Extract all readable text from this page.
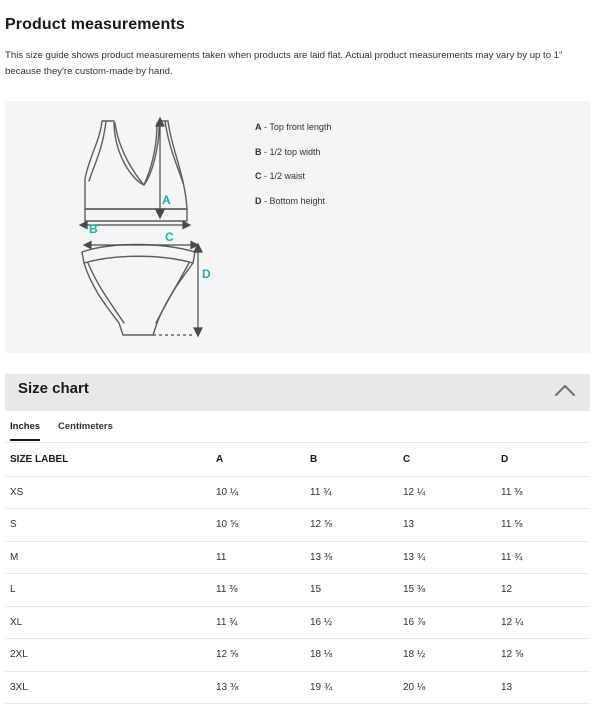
Product measurements
This size guide shows product measurements taken when products are laid flat. Actual product measurements may vary by up to 1" because they're custom-made by hand.
A
B
C
D
A - Top front length
B - 1/2 top width
C - 1/2 waist
D - Bottom height
Size chart
Inches Centimeters
SIZE LABEL	A	B	C	D
XS	10 ¼	11 ¾	12 ¼	11 ⅜
S	10 ⅝	12 ⅝	13	11 ⅝
M	11	13 ⅜	13 ¾	11 ¾
L	11 ⅜	15	15 ⅜	12
XL	11 ¾	16 ½	16 ⅞	12 ¼
2XL	12 ⅝	18 ⅛	18 ½	12 ⅝
3XL	13 ⅜	19 ¾	20 ⅛	13
